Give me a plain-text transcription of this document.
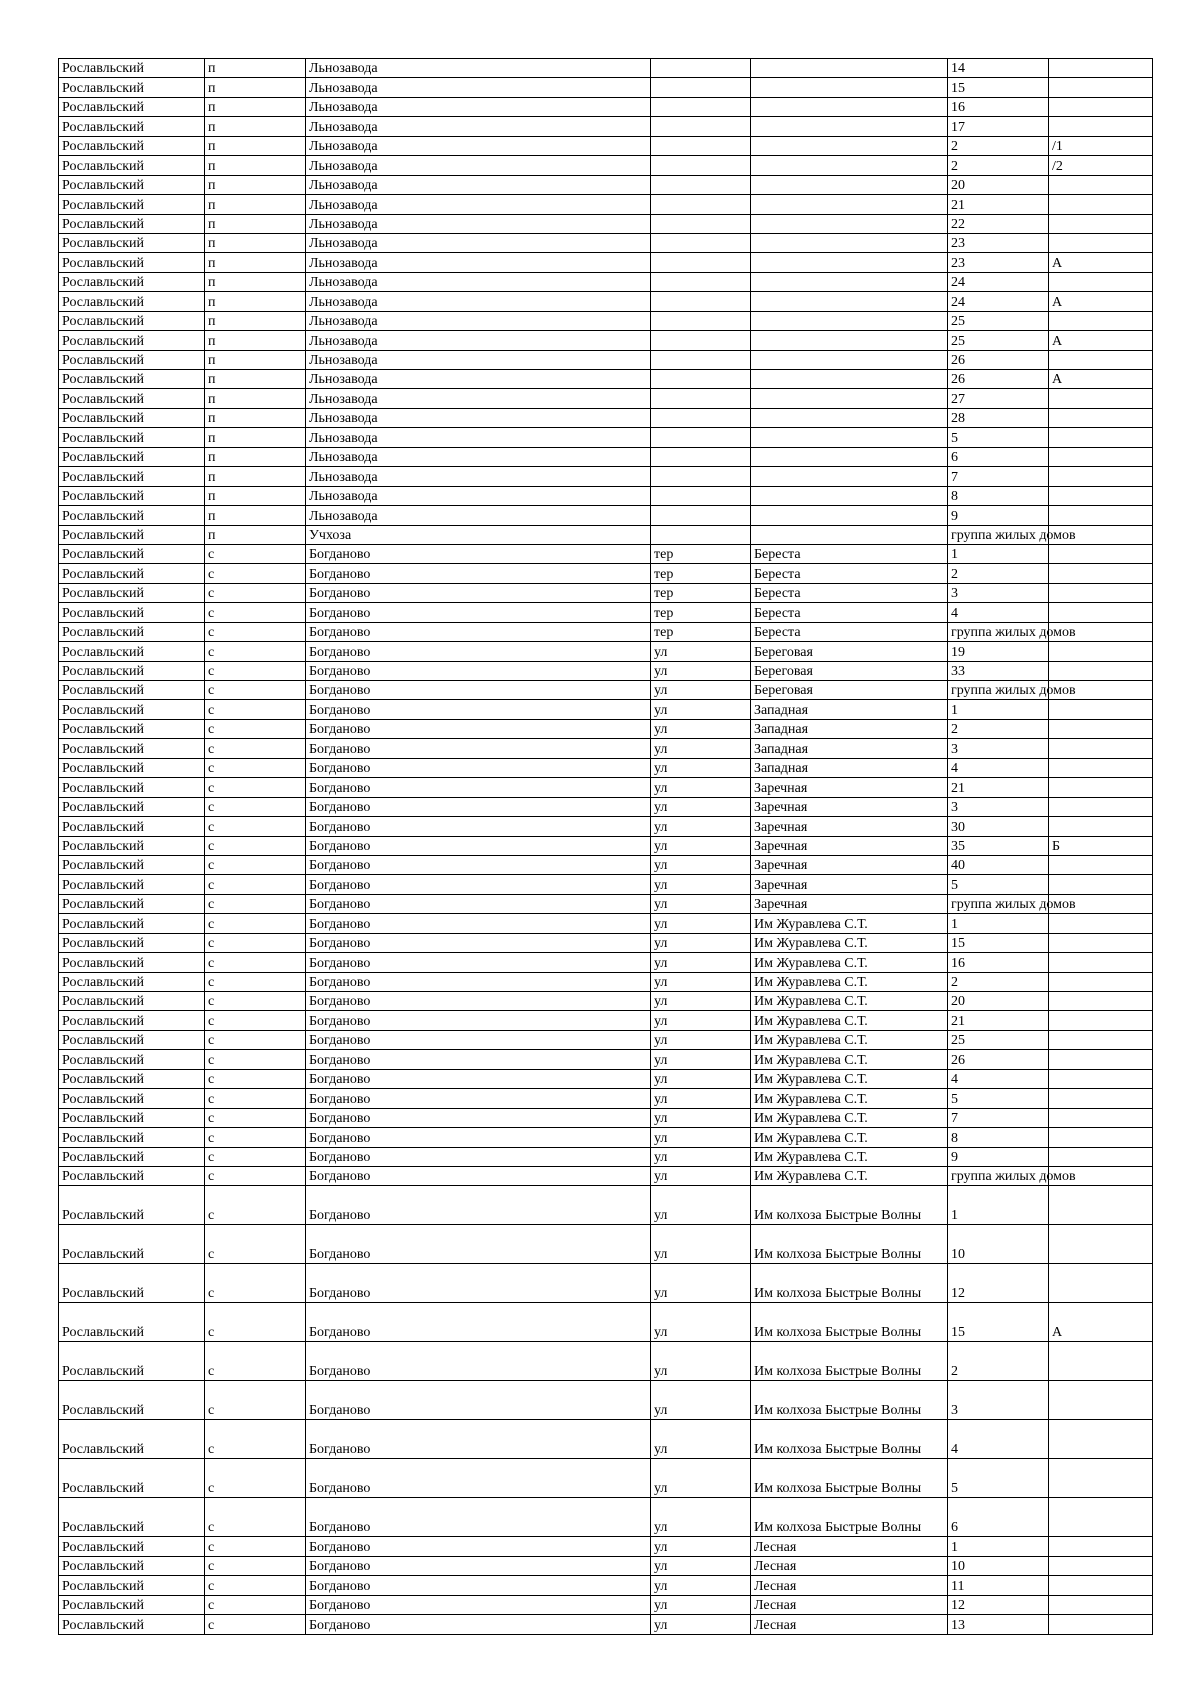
Рославльский	п	Льнозавода			14	
Рославльский	п	Льнозавода			15	
Рославльский	п	Льнозавода			16	
Рославльский	п	Льнозавода			17	
Рославльский	п	Льнозавода			2	/1
Рославльский	п	Льнозавода			2	/2
Рославльский	п	Льнозавода			20	
Рославльский	п	Льнозавода			21	
Рославльский	п	Льнозавода			22	
Рославльский	п	Льнозавода			23	
Рославльский	п	Льнозавода			23	А
Рославльский	п	Льнозавода			24	
Рославльский	п	Льнозавода			24	А
Рославльский	п	Льнозавода			25	
Рославльский	п	Льнозавода			25	А
Рославльский	п	Льнозавода			26	
Рославльский	п	Льнозавода			26	А
Рославльский	п	Льнозавода			27	
Рославльский	п	Льнозавода			28	
Рославльский	п	Льнозавода			5	
Рославльский	п	Льнозавода			6	
Рославльский	п	Льнозавода			7	
Рославльский	п	Льнозавода			8	
Рославльский	п	Льнозавода			9	
Рославльский	п	Учхоза			группа жилых домов	
Рославльский	с	Богданово	тер	Береста	1	
Рославльский	с	Богданово	тер	Береста	2	
Рославльский	с	Богданово	тер	Береста	3	
Рославльский	с	Богданово	тер	Береста	4	
Рославльский	с	Богданово	тер	Береста	группа жилых домов	
Рославльский	с	Богданово	ул	Береговая	19	
Рославльский	с	Богданово	ул	Береговая	33	
Рославльский	с	Богданово	ул	Береговая	группа жилых домов	
Рославльский	с	Богданово	ул	Западная	1	
Рославльский	с	Богданово	ул	Западная	2	
Рославльский	с	Богданово	ул	Западная	3	
Рославльский	с	Богданово	ул	Западная	4	
Рославльский	с	Богданово	ул	Заречная	21	
Рославльский	с	Богданово	ул	Заречная	3	
Рославльский	с	Богданово	ул	Заречная	30	
Рославльский	с	Богданово	ул	Заречная	35	Б
Рославльский	с	Богданово	ул	Заречная	40	
Рославльский	с	Богданово	ул	Заречная	5	
Рославльский	с	Богданово	ул	Заречная	группа жилых домов	
Рославльский	с	Богданово	ул	Им Журавлева С.Т.	1	
Рославльский	с	Богданово	ул	Им Журавлева С.Т.	15	
Рославльский	с	Богданово	ул	Им Журавлева С.Т.	16	
Рославльский	с	Богданово	ул	Им Журавлева С.Т.	2	
Рославльский	с	Богданово	ул	Им Журавлева С.Т.	20	
Рославльский	с	Богданово	ул	Им Журавлева С.Т.	21	
Рославльский	с	Богданово	ул	Им Журавлева С.Т.	25	
Рославльский	с	Богданово	ул	Им Журавлева С.Т.	26	
Рославльский	с	Богданово	ул	Им Журавлева С.Т.	4	
Рославльский	с	Богданово	ул	Им Журавлева С.Т.	5	
Рославльский	с	Богданово	ул	Им Журавлева С.Т.	7	
Рославльский	с	Богданово	ул	Им Журавлева С.Т.	8	
Рославльский	с	Богданово	ул	Им Журавлева С.Т.	9	
Рославльский	с	Богданово	ул	Им Журавлева С.Т.	группа жилых домов	
Рославльский	с	Богданово	ул	Им колхоза Быстрые Волны	1	
Рославльский	с	Богданово	ул	Им колхоза Быстрые Волны	10	
Рославльский	с	Богданово	ул	Им колхоза Быстрые Волны	12	
Рославльский	с	Богданово	ул	Им колхоза Быстрые Волны	15	А
Рославльский	с	Богданово	ул	Им колхоза Быстрые Волны	2	
Рославльский	с	Богданово	ул	Им колхоза Быстрые Волны	3	
Рославльский	с	Богданово	ул	Им колхоза Быстрые Волны	4	
Рославльский	с	Богданово	ул	Им колхоза Быстрые Волны	5	
Рославльский	с	Богданово	ул	Им колхоза Быстрые Волны	6	
Рославльский	с	Богданово	ул	Лесная	1	
Рославльский	с	Богданово	ул	Лесная	10	
Рославльский	с	Богданово	ул	Лесная	11	
Рославльский	с	Богданово	ул	Лесная	12	
Рославльский	с	Богданово	ул	Лесная	13	
